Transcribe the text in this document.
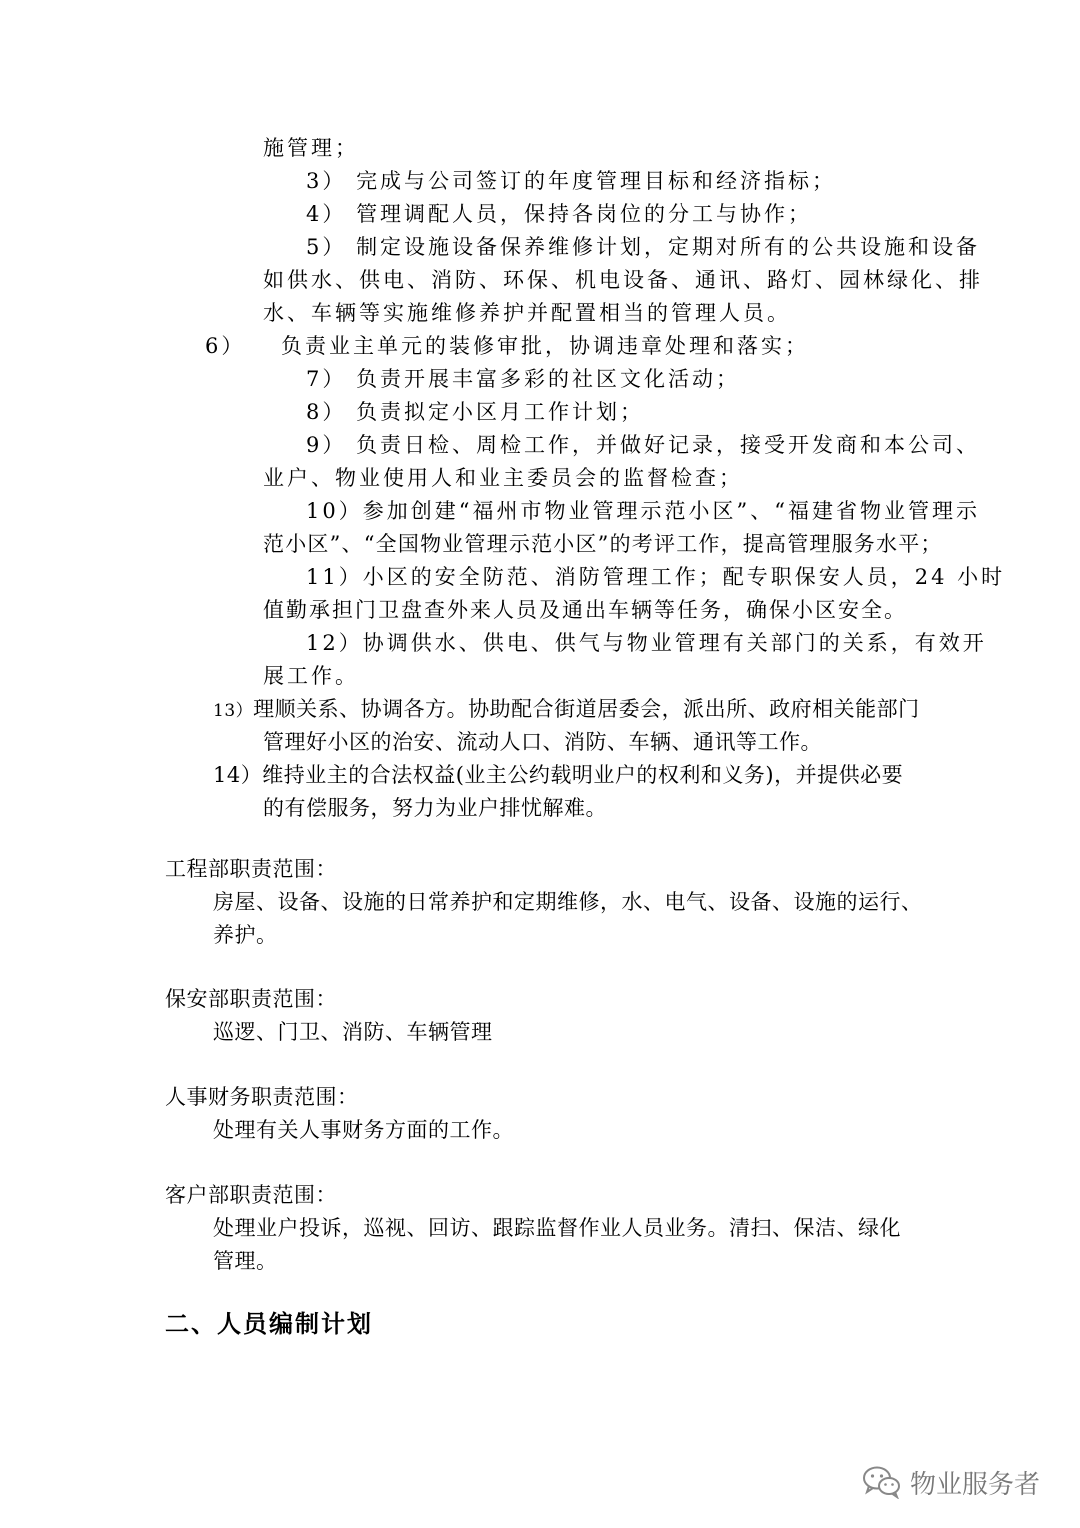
施管理；
3） 完成与公司签订的年度管理目标和经济指标；
4） 管理调配人员，保持各岗位的分工与协作；
5） 制定设施设备保养维修计划，定期对所有的公共设施和设备
如供水、供电、消防、环保、机电设备、通讯、路灯、园林绿化、排
水、车辆等实施维修养护并配置相当的管理人员。
6） 负责业主单元的装修审批，协调违章处理和落实；
7） 负责开展丰富多彩的社区文化活动；
8） 负责拟定小区月工作计划；
9） 负责日检、周检工作，并做好记录，接受开发商和本公司、
业户、物业使用人和业主委员会的监督检查；
10）参加创建“福州市物业管理示范小区”、“福建省物业管理示
范小区”、“全国物业管理示范小区”的考评工作，提高管理服务水平；
11）小区的安全防范、消防管理工作；配专职保安人员，24 小时
值勤承担门卫盘查外来人员及通出车辆等任务，确保小区安全。
12）协调供水、供电、供气与物业管理有关部门的关系，有效开
展工作。
13）理顺关系、协调各方。协助配合街道居委会，派出所、政府相关能部门
管理好小区的治安、流动人口、消防、车辆、通讯等工作。
14）维持业主的合法权益(业主公约载明业户的权利和义务)，并提供必要
的有偿服务，努力为业户排忧解难。
工程部职责范围：
房屋、设备、设施的日常养护和定期维修，水、电气、设备、设施的运行、
养护。
保安部职责范围：
巡逻、门卫、消防、车辆管理
人事财务职责范围：
处理有关人事财务方面的工作。
客户部职责范围：
处理业户投诉，巡视、回访、跟踪监督作业人员业务。清扫、保洁、绿化
管理。
二、人员编制计划
物业服务者
